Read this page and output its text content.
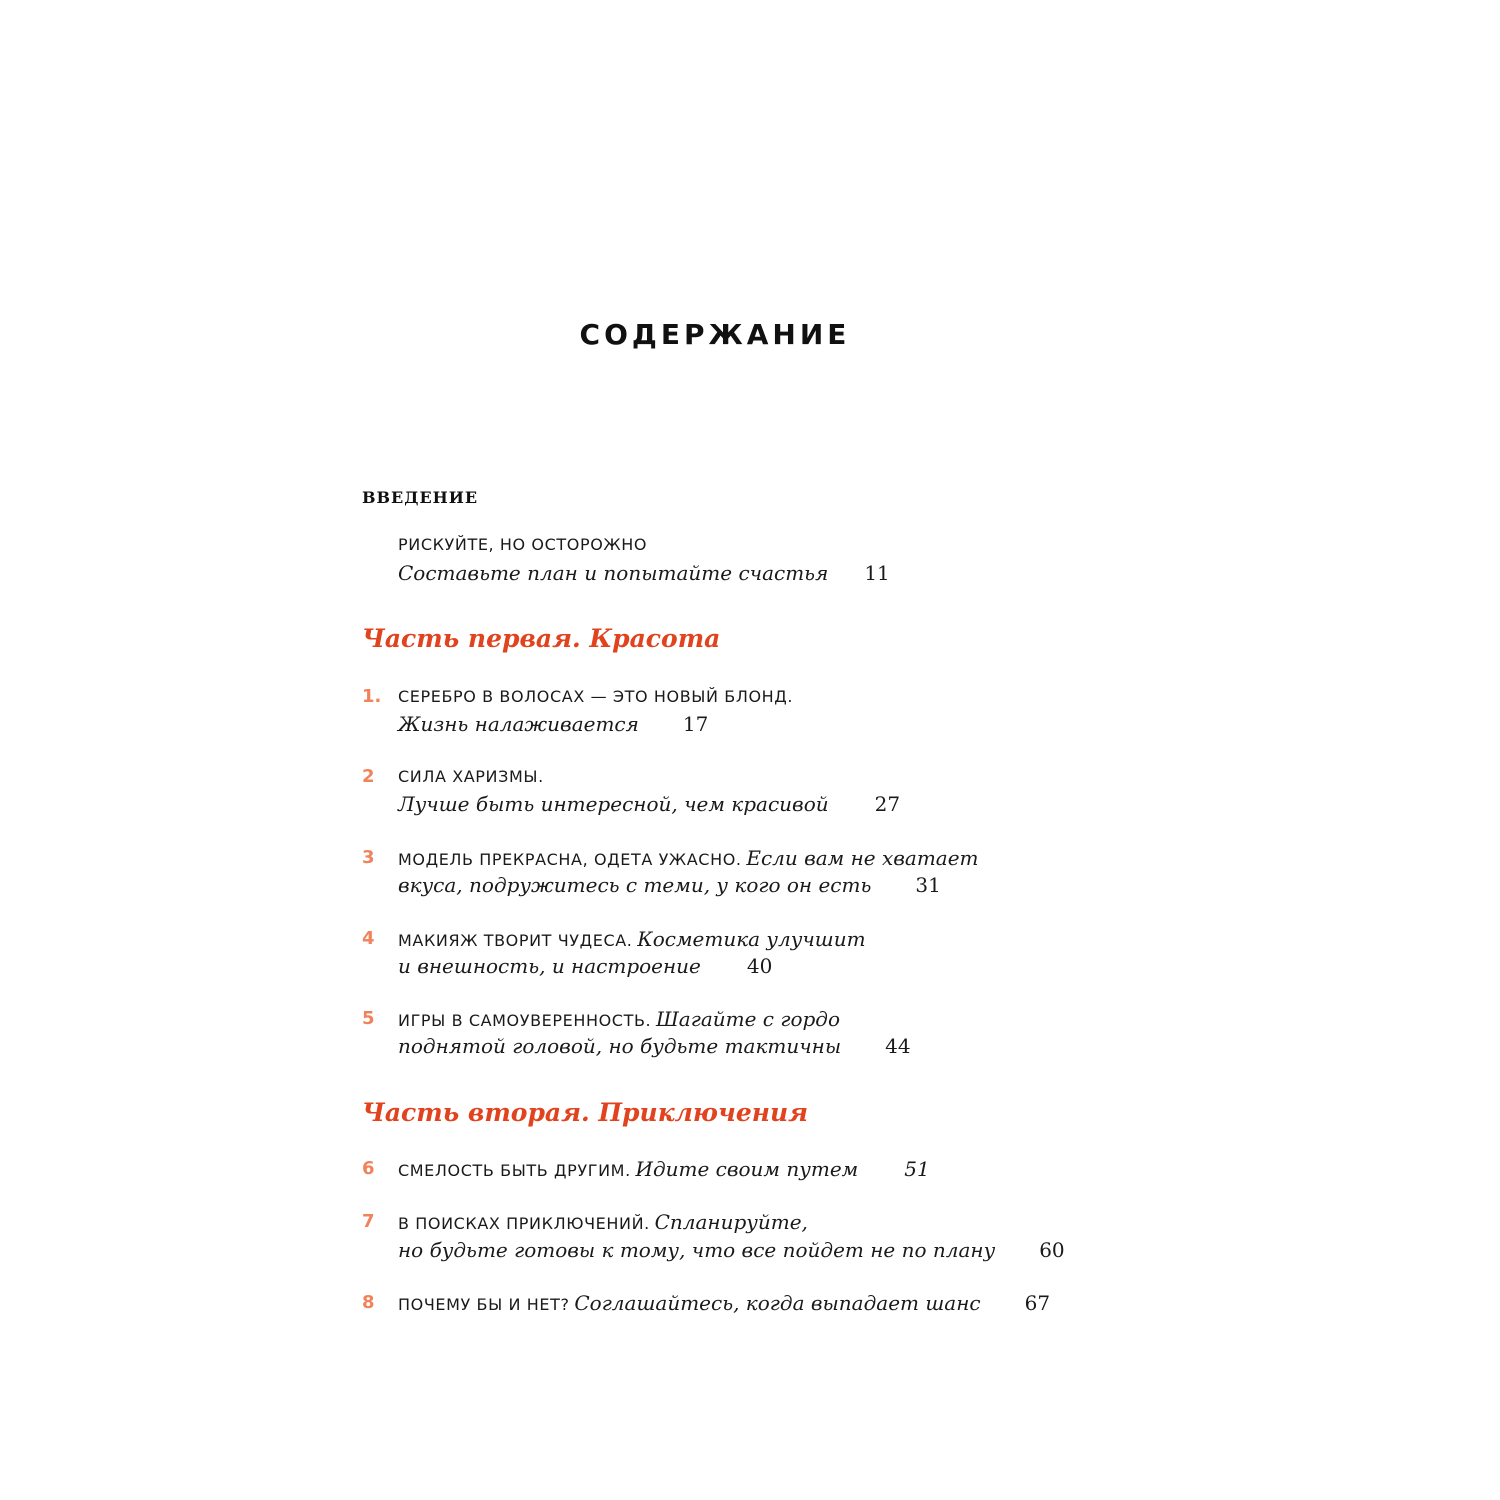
СОДЕРЖАНИЕ
ВВЕДЕНИЕ
РИСКУЙТЕ, НО ОСТОРОЖНО
Составьте план и попытайте счастья 11
Часть первая. Красота
1. СЕРЕБРО В ВОЛОСАХ — ЭТО НОВЫЙ БЛОНД.
Жизнь налаживается 17
2 СИЛА ХАРИЗМЫ.
Лучше быть интересной, чем красивой 27
3 МОДЕЛЬ ПРЕКРАСНА, ОДЕТА УЖАСНО. Если вам не хватает
вкуса, подружитесь с теми, у кого он есть 31
4 МАКИЯЖ ТВОРИТ ЧУДЕСА. Косметика улучшит
и внешность, и настроение 40
5 ИГРЫ В САМОУВЕРЕННОСТЬ. Шагайте с гордо
поднятой головой, но будьте тактичны 44
Часть вторая. Приключения
6 СМЕЛОСТЬ БЫТЬ ДРУГИМ. Идите своим путем 51
7 В ПОИСКАХ ПРИКЛЮЧЕНИЙ. Спланируйте,
но будьте готовы к тому, что все пойдет не по плану 60
8 ПОЧЕМУ БЫ И НЕТ? Соглашайтесь, когда выпадает шанс 67
